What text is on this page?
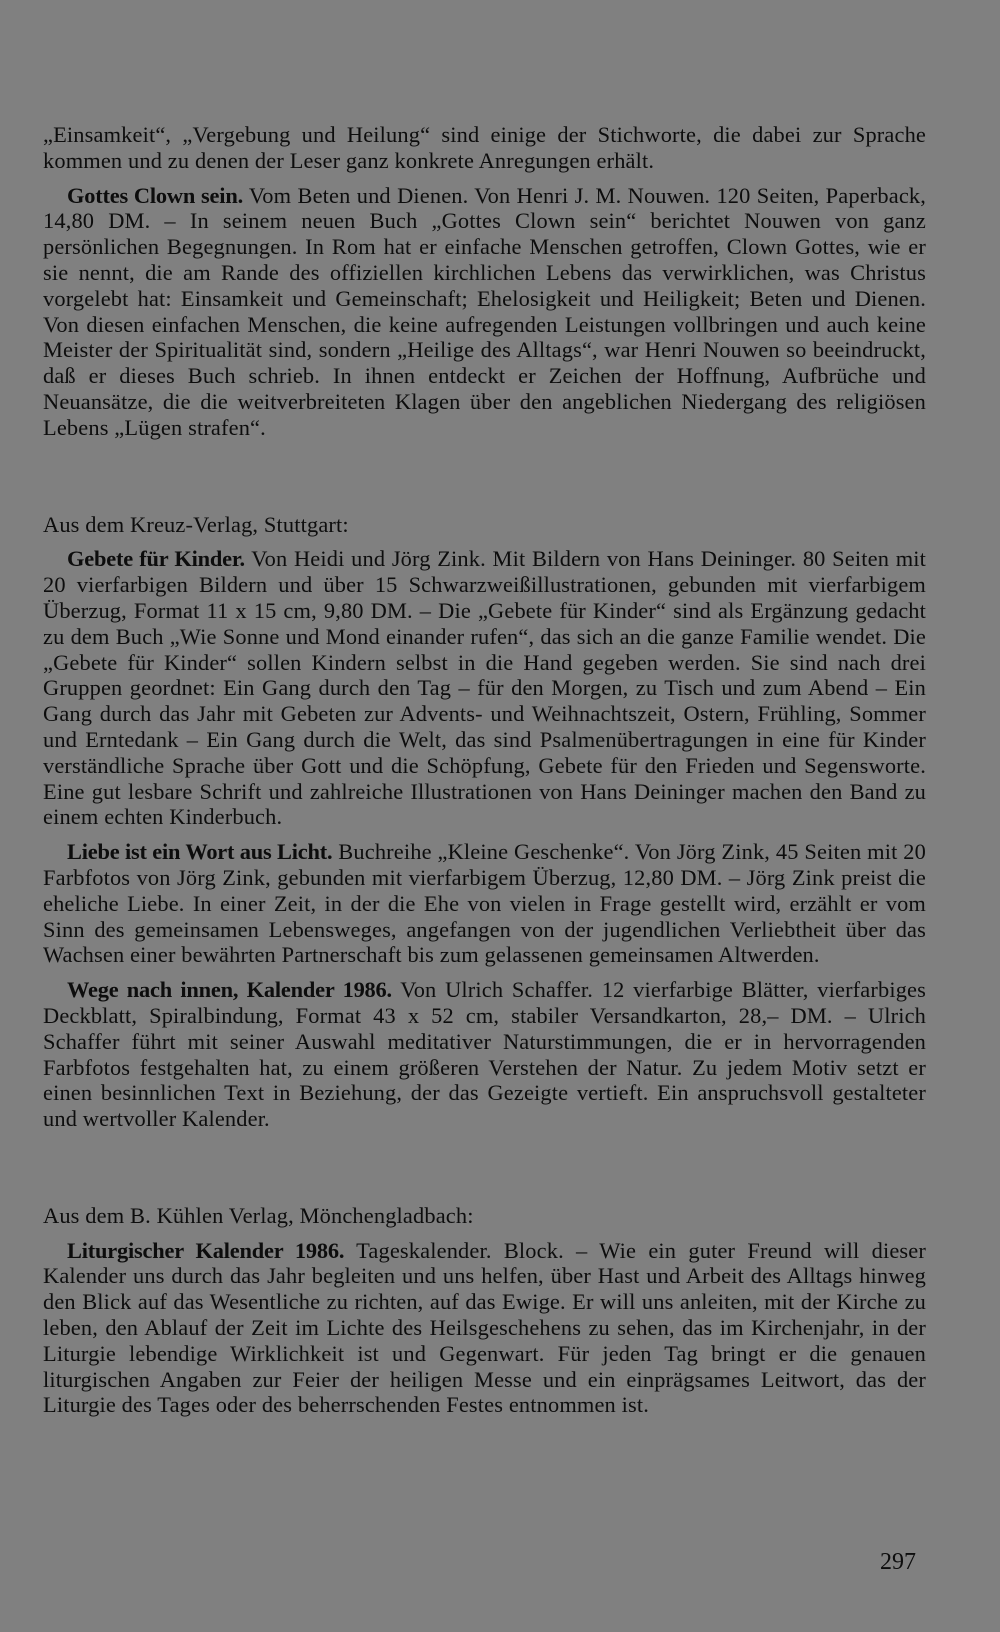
„Einsamkeit“, „Vergebung und Heilung“ sind einige der Stichworte, die dabei zur Sprache kommen und zu denen der Leser ganz konkrete Anregungen erhält.

Gottes Clown sein. Vom Beten und Dienen. Von Henri J. M. Nouwen. 120 Seiten, Paperback, 14,80 DM. – In seinem neuen Buch „Gottes Clown sein“ berichtet Nouwen von ganz persönlichen Begegnungen. In Rom hat er einfache Menschen getroffen, Clown Gottes, wie er sie nennt, die am Rande des offiziellen kirchlichen Lebens das verwirklichen, was Christus vorgelebt hat: Einsamkeit und Gemeinschaft; Ehelosigkeit und Heiligkeit; Beten und Dienen. Von diesen einfachen Menschen, die keine aufregenden Leistungen vollbringen und auch keine Meister der Spiritualität sind, sondern „Heilige des Alltags“, war Henri Nouwen so beeindruckt, daß er dieses Buch schrieb. In ihnen entdeckt er Zeichen der Hoffnung, Aufbrüche und Neuansätze, die die weitverbreiteten Klagen über den angeblichen Niedergang des religiösen Lebens „Lügen strafen“.

Aus dem Kreuz-Verlag, Stuttgart:

Gebete für Kinder. Von Heidi und Jörg Zink. Mit Bildern von Hans Deininger. 80 Seiten mit 20 vierfarbigen Bildern und über 15 Schwarzweißillustrationen, gebunden mit vierfarbigem Überzug, Format 11 x 15 cm, 9,80 DM. – Die „Gebete für Kinder“ sind als Ergänzung gedacht zu dem Buch „Wie Sonne und Mond einander rufen“, das sich an die ganze Familie wendet. Die „Gebete für Kinder“ sollen Kindern selbst in die Hand gegeben werden. Sie sind nach drei Gruppen geordnet: Ein Gang durch den Tag – für den Morgen, zu Tisch und zum Abend – Ein Gang durch das Jahr mit Gebeten zur Advents- und Weihnachtszeit, Ostern, Frühling, Sommer und Erntedank – Ein Gang durch die Welt, das sind Psalmenübertragungen in eine für Kinder verständliche Sprache über Gott und die Schöpfung, Gebete für den Frieden und Segensworte. Eine gut lesbare Schrift und zahlreiche Illustrationen von Hans Deininger machen den Band zu einem echten Kinderbuch.

Liebe ist ein Wort aus Licht. Buchreihe „Kleine Geschenke“. Von Jörg Zink, 45 Seiten mit 20 Farbfotos von Jörg Zink, gebunden mit vierfarbigem Überzug, 12,80 DM. – Jörg Zink preist die eheliche Liebe. In einer Zeit, in der die Ehe von vielen in Frage gestellt wird, erzählt er vom Sinn des gemeinsamen Lebensweges, angefangen von der jugendlichen Verliebtheit über das Wachsen einer bewährten Partnerschaft bis zum gelassenen gemeinsamen Altwerden.

Wege nach innen, Kalender 1986. Von Ulrich Schaffer. 12 vierfarbige Blätter, vierfarbiges Deckblatt, Spiralbindung, Format 43 x 52 cm, stabiler Versandkarton, 28,– DM. – Ulrich Schaffer führt mit seiner Auswahl meditativer Naturstimmungen, die er in hervorragenden Farbfotos festgehalten hat, zu einem größeren Verstehen der Natur. Zu jedem Motiv setzt er einen besinnlichen Text in Beziehung, der das Gezeigte vertieft. Ein anspruchsvoll gestalteter und wertvoller Kalender.

Aus dem B. Kühlen Verlag, Mönchengladbach:

Liturgischer Kalender 1986. Tageskalender. Block. – Wie ein guter Freund will dieser Kalender uns durch das Jahr begleiten und uns helfen, über Hast und Arbeit des Alltags hinweg den Blick auf das Wesentliche zu richten, auf das Ewige. Er will uns anleiten, mit der Kirche zu leben, den Ablauf der Zeit im Lichte des Heilsgeschehens zu sehen, das im Kirchenjahr, in der Liturgie lebendige Wirklichkeit ist und Gegenwart. Für jeden Tag bringt er die genauen liturgischen Angaben zur Feier der heiligen Messe und ein einprägsames Leitwort, das der Liturgie des Tages oder des beherrschenden Festes entnommen ist.

297
